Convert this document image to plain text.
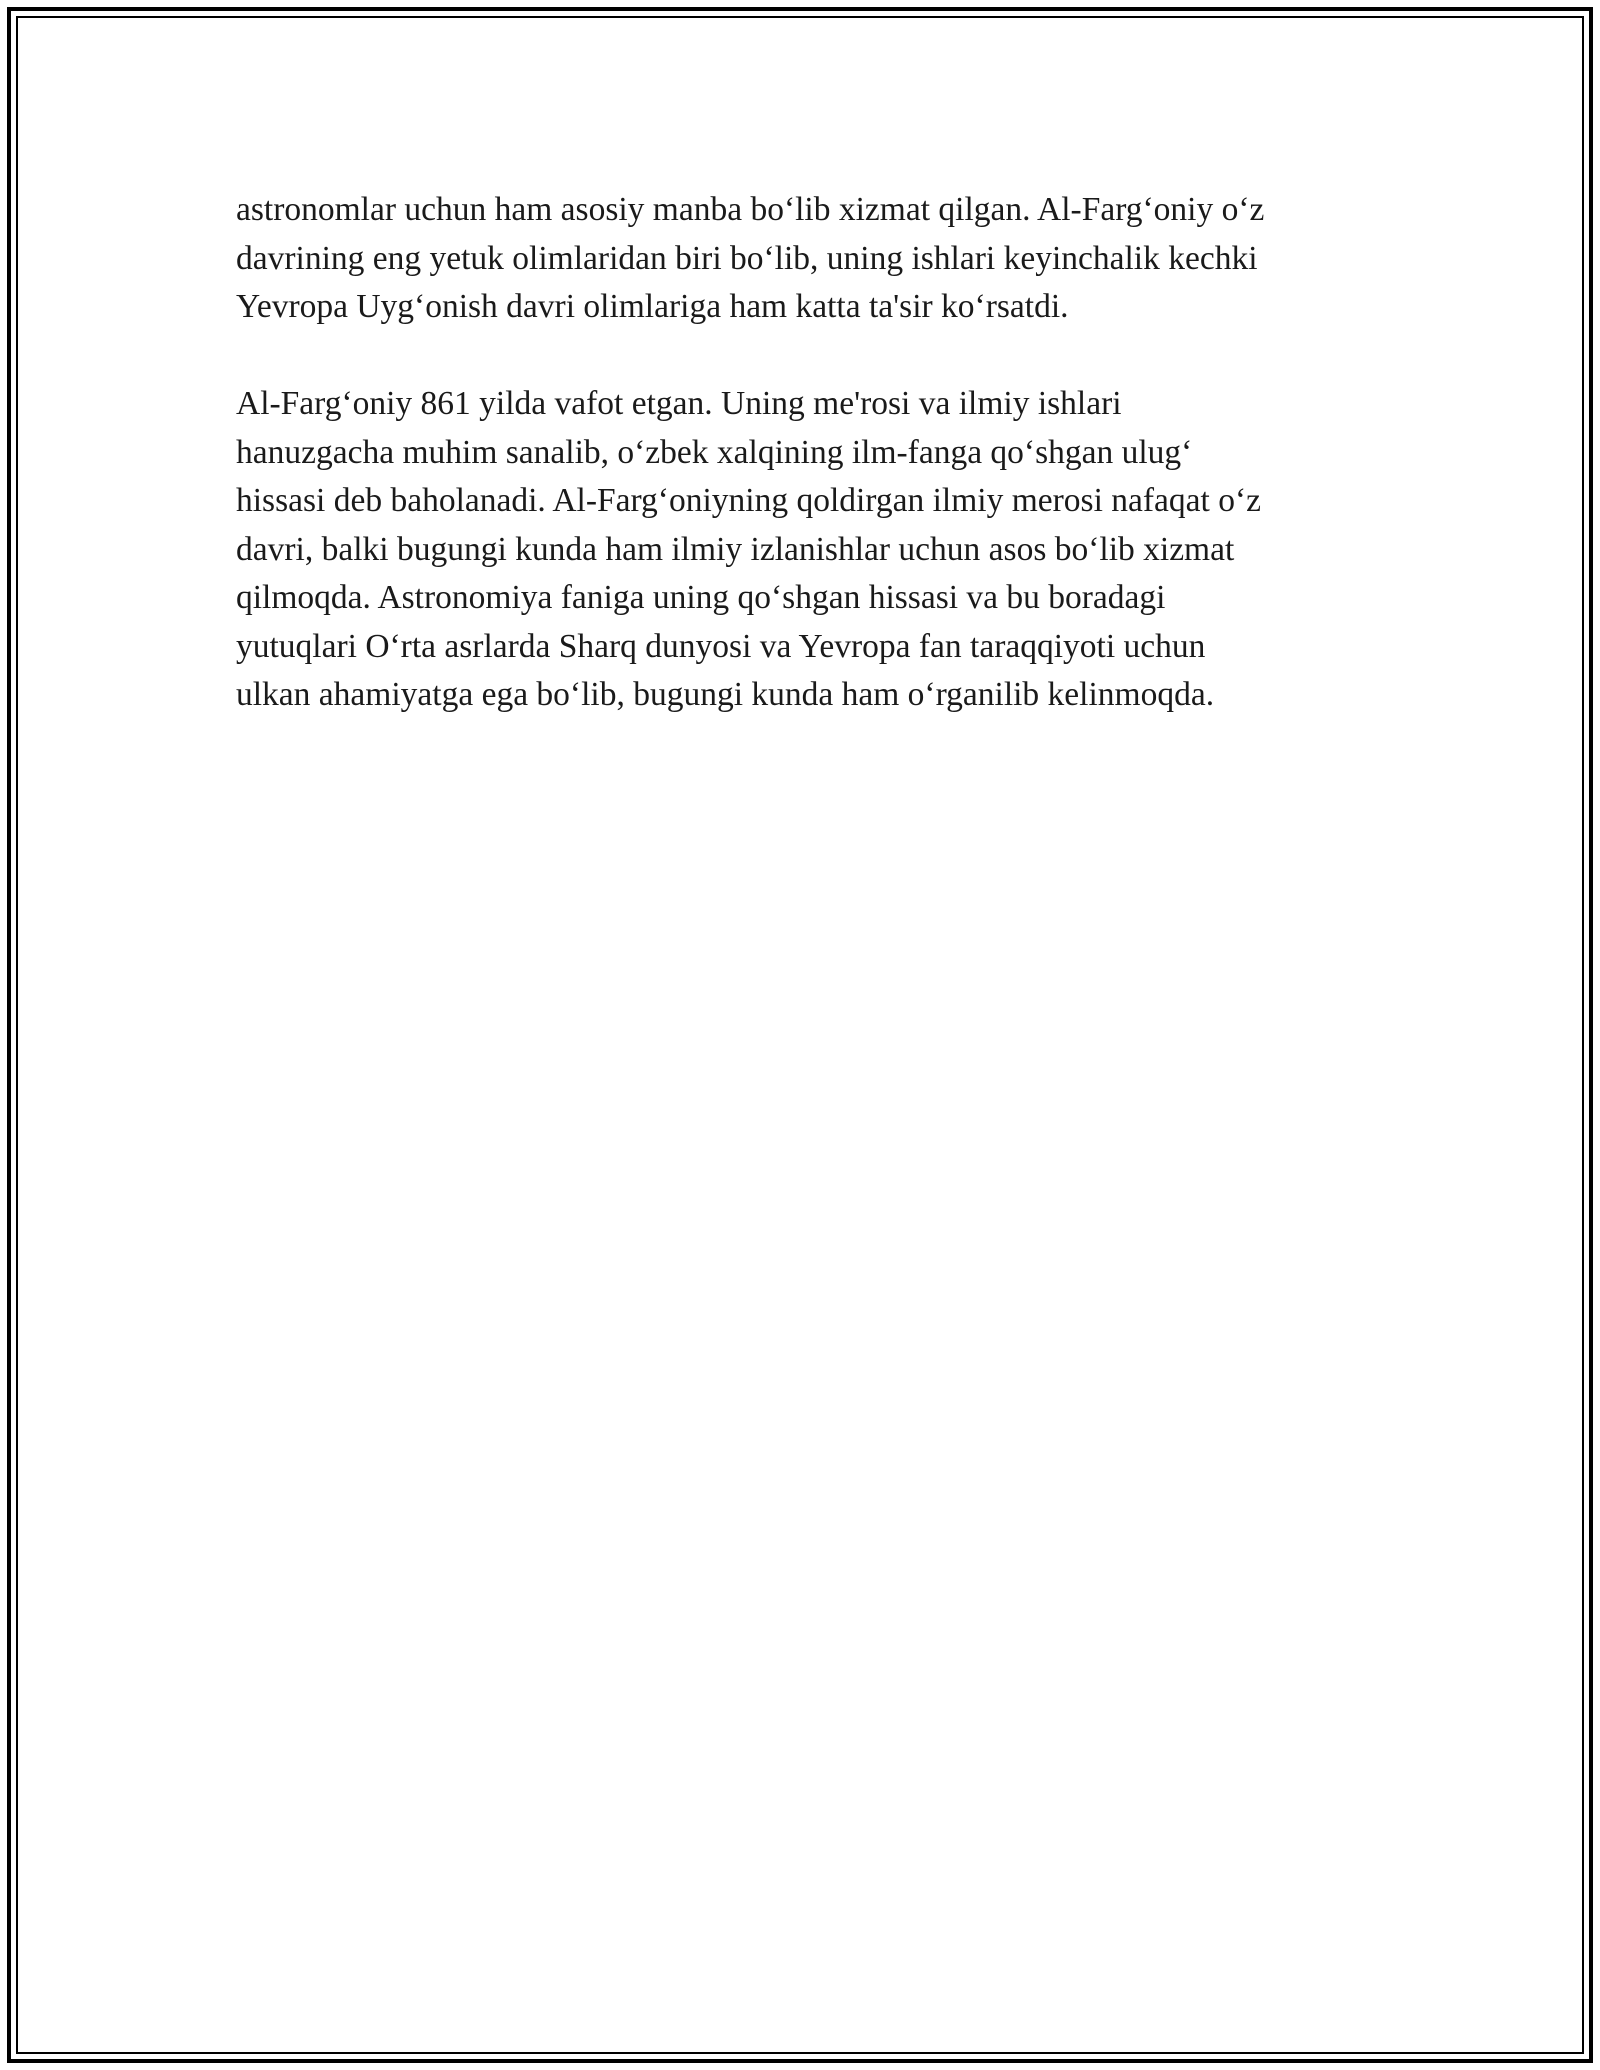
astronomlar uchun ham asosiy manba bo‘lib xizmat qilgan. Al-Farg‘oniy o‘z
davrining eng yetuk olimlaridan biri bo‘lib, uning ishlari keyinchalik kechki
Yevropa Uyg‘onish davri olimlariga ham katta ta'sir ko‘rsatdi.

Al-Farg‘oniy 861 yilda vafot etgan. Uning me'rosi va ilmiy ishlari
hanuzgacha muhim sanalib, o‘zbek xalqining ilm-fanga qo‘shgan ulug‘
hissasi deb baholanadi. Al-Farg‘oniyning qoldirgan ilmiy merosi nafaqat o‘z
davri, balki bugungi kunda ham ilmiy izlanishlar uchun asos bo‘lib xizmat
qilmoqda. Astronomiya faniga uning qo‘shgan hissasi va bu boradagi
yutuqlari O‘rta asrlarda Sharq dunyosi va Yevropa fan taraqqiyoti uchun
ulkan ahamiyatga ega bo‘lib, bugungi kunda ham o‘rganilib kelinmoqda.
